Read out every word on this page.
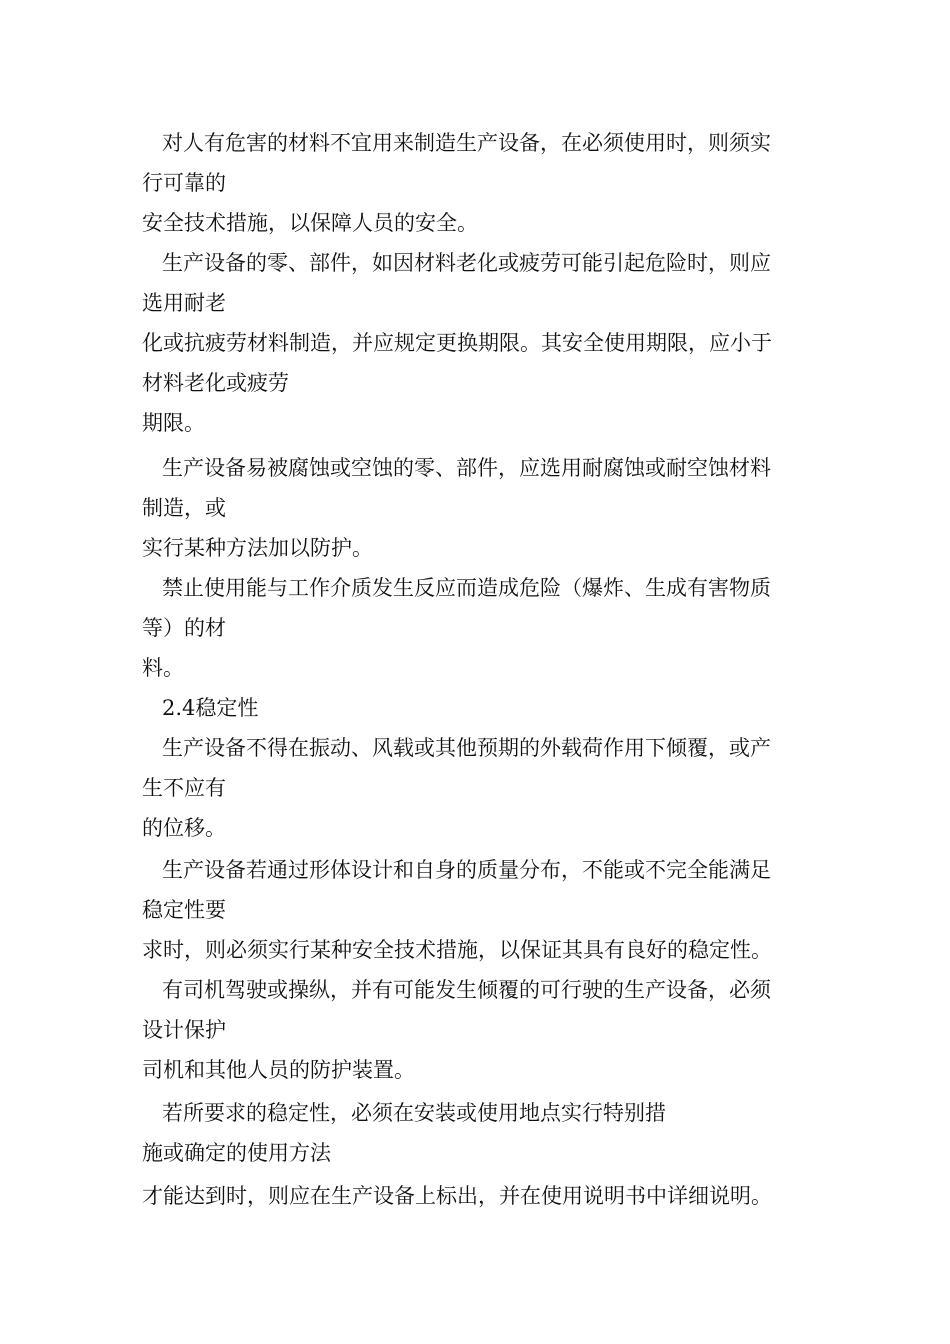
对人有危害的材料不宜用来制造生产设备，在必须使用时，则须实
行可靠的
安全技术措施，以保障人员的安全。
生产设备的零、部件，如因材料老化或疲劳可能引起危险时，则应
选用耐老
化或抗疲劳材料制造，并应规定更换期限。其安全使用期限，应小于
材料老化或疲劳
期限。
生产设备易被腐蚀或空蚀的零、部件，应选用耐腐蚀或耐空蚀材料
制造，或
实行某种方法加以防护。
禁止使用能与工作介质发生反应而造成危险（爆炸、生成有害物质
等）的材
料。
2.4稳定性
生产设备不得在振动、风载或其他预期的外载荷作用下倾覆，或产
生不应有
的位移。
生产设备若通过形体设计和自身的质量分布，不能或不完全能满足
稳定性要
求时，则必须实行某种安全技术措施，以保证其具有良好的稳定性。
有司机驾驶或操纵，并有可能发生倾覆的可行驶的生产设备，必须
设计保护
司机和其他人员的防护装置。
若所要求的稳定性，必须在安装或使用地点实行特别措
施或确定的使用方法
才能达到时，则应在生产设备上标出，并在使用说明书中详细说明。
